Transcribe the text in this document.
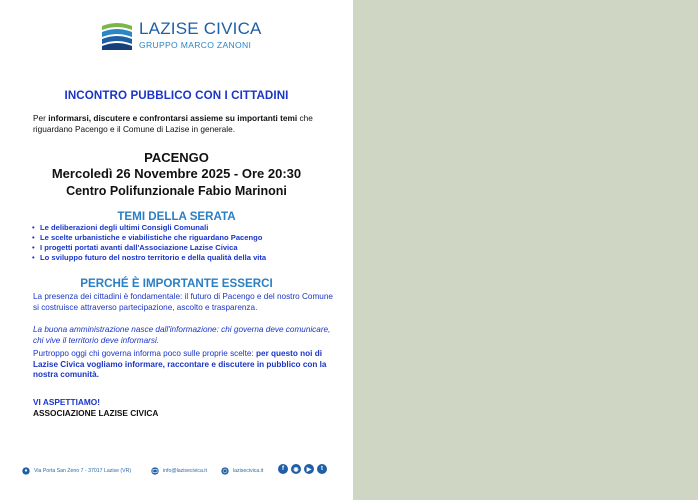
LAZISE CIVICA
GRUPPO MARCO ZANONI
INCONTRO PUBBLICO CON I CITTADINI
Per informarsi, discutere e confrontarsi assieme su importanti temi che riguardano Pacengo e il Comune di Lazise in generale.
PACENGO
Mercoledì 26 Novembre 2025 - Ore 20:30
Centro Polifunzionale Fabio Marinoni
TEMI DELLA SERATA
• Le deliberazioni degli ultimi Consigli Comunali
• Le scelte urbanistiche e viabilistiche che riguardano Pacengo
• I progetti portati avanti dall'Associazione Lazise Civica
• Lo sviluppo futuro del nostro territorio e della qualità della vita
PERCHÉ È IMPORTANTE ESSERCI
La presenza dei cittadini è fondamentale: il futuro di Pacengo e del nostro Comune si costruisce attraverso partecipazione, ascolto e trasparenza.
La buona amministrazione nasce dall'informazione: chi governa deve comunicare, chi vive il territorio deve informarsi.
Purtroppo oggi chi governa informa poco sulle proprie scelte: per questo noi di Lazise Civica vogliamo informare, raccontare e discutere in pubblico con la nostra comunità.
VI ASPETTIAMO!
ASSOCIAZIONE LAZISE CIVICA
Via Porta San Zeno 7 - 37017 Lazise (VR)	info@lazisecivica.it	lazisecivica.it	f	◉	▶	t
